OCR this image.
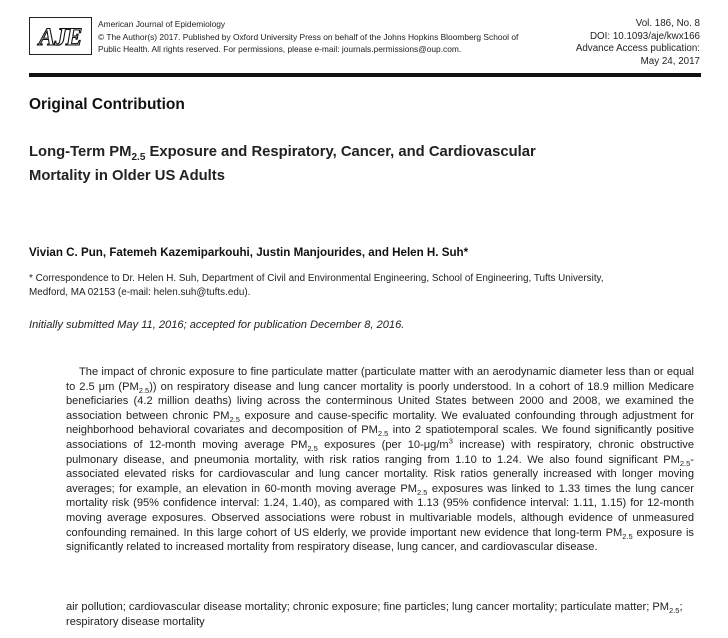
AJE American Journal of Epidemiology
© The Author(s) 2017. Published by Oxford University Press on behalf of the Johns Hopkins Bloomberg School of
Public Health. All rights reserved. For permissions, please e-mail: journals.permissions@oup.com.
Vol. 186, No. 8
DOI: 10.1093/aje/kwx166
Advance Access publication:
May 24, 2017
Original Contribution
Long-Term $PM_{2.5}$ Exposure and Respiratory, Cancer, and Cardiovascular
Mortality in Older US Adults
Vivian C. Pun, Fatemeh Kazemiparkouhi, Justin Manjourides, and Helen H. Suh*
* Correspondence to Dr. Helen H. Suh, Department of Civil and Environmental Engineering, School of Engineering, Tufts University,
Medford, MA 02153 (e-mail: helen.suh@tufts.edu).
Initially submitted May 11, 2016; accepted for publication December 8, 2016.
The impact of chronic exposure to fine particulate matter (particulate matter with an aerodynamic diameter less than or equal to 2.5 μm $(PM_{2.5})$) on respiratory disease and lung cancer mortality is poorly understood. In a cohort of 18.9 million Medicare beneficiaries (4.2 million deaths) living across the conterminous United States between 2000 and 2008, we examined the association between chronic $PM_{2.5}$ exposure and cause-specific mortality. We evaluated confounding through adjustment for neighborhood behavioral covariates and decomposition of $PM_{2.5}$ into 2 spatiotemporal scales. We found significantly positive associations of 12-month moving average $PM_{2.5}$ exposures (per $10-\mu g/m^3$ increase) with respiratory, chronic obstructive pulmonary disease, and pneumonia mortality, with risk ratios ranging from 1.10 to 1.24. We also found significant $PM_{2.5}$-associated elevated risks for cardiovascular and lung cancer mortality. Risk ratios generally increased with longer moving averages; for example, an elevation in 60-month moving average $PM_{2.5}$ exposures was linked to 1.33 times the lung cancer mortality risk (95% confidence interval: 1.24, 1.40), as compared with 1.13 (95% confidence interval: 1.11, 1.15) for 12-month moving average exposures. Observed associations were robust in multivariable models, although evidence of unmeasured confounding remained. In this large cohort of US elderly, we provide important new evidence that long-term $PM_{2.5}$ exposure is significantly related to increased mortality from respiratory disease, lung cancer, and cardiovascular disease.
air pollution; cardiovascular disease mortality; chronic exposure; fine particles; lung cancer mortality; particulate matter; $PM_{2.5}$; respiratory disease mortality
